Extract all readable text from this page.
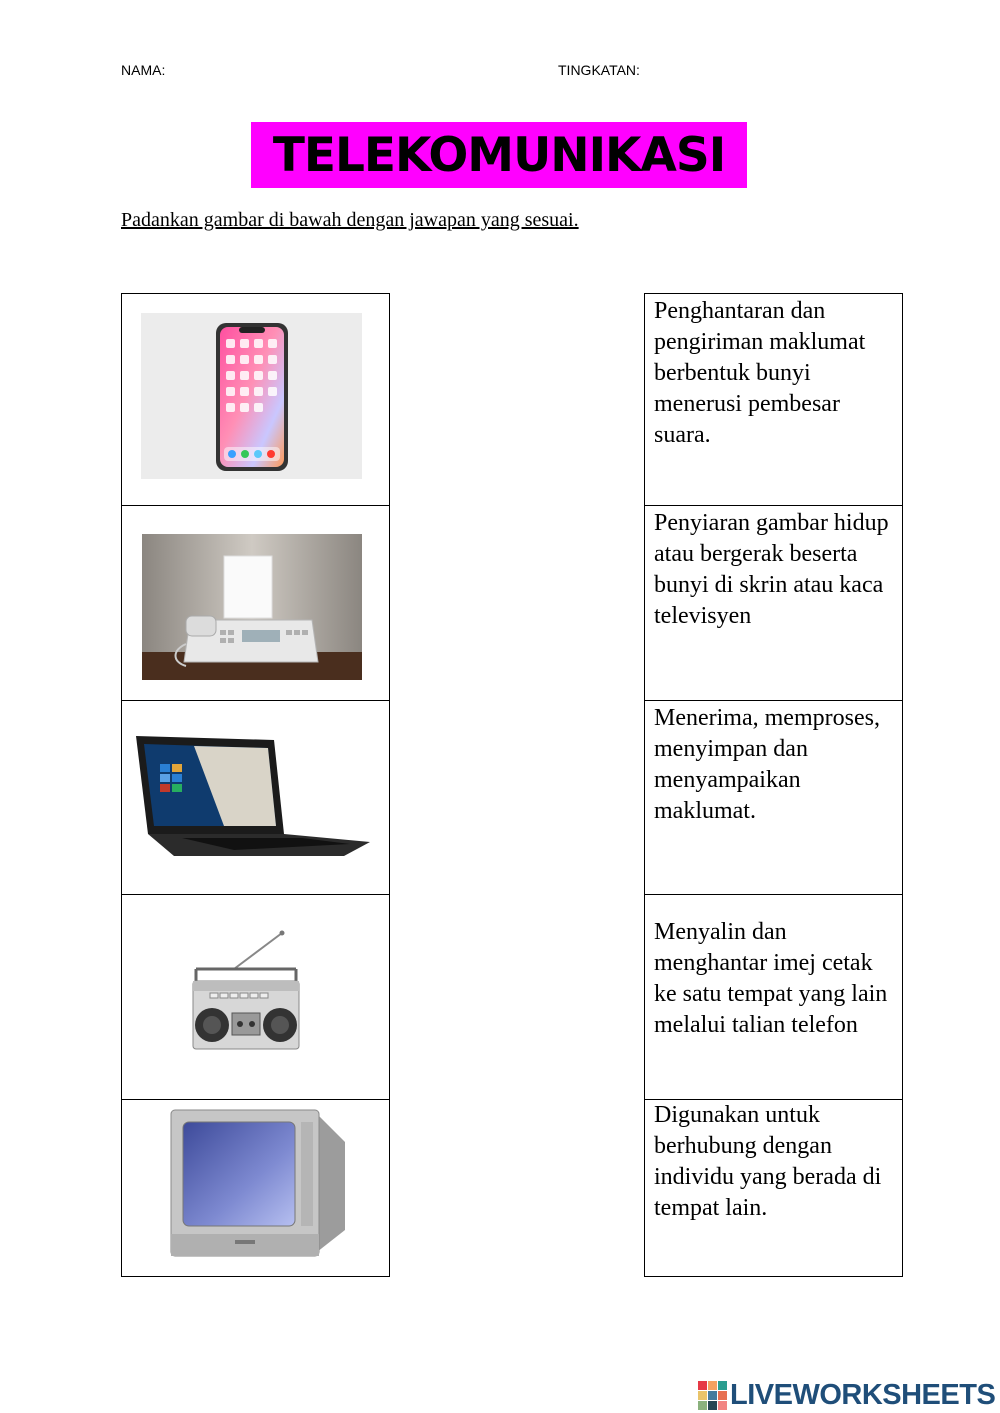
NAMA:	TINGKATAN:
TELEKOMUNIKASI
Padankan gambar di bawah dengan jawapan yang sesuai.

Penghantaran dan pengiriman maklumat berbentuk bunyi menerusi pembesar suara.

Penyiaran gambar hidup atau bergerak beserta bunyi di skrin atau kaca televisyen

Menerima, memproses, menyimpan dan menyampaikan maklumat.

Menyalin dan menghantar imej cetak ke satu tempat yang lain melalui talian telefon

Digunakan untuk berhubung dengan individu yang berada di tempat lain.

LIVEWORKSHEETS
